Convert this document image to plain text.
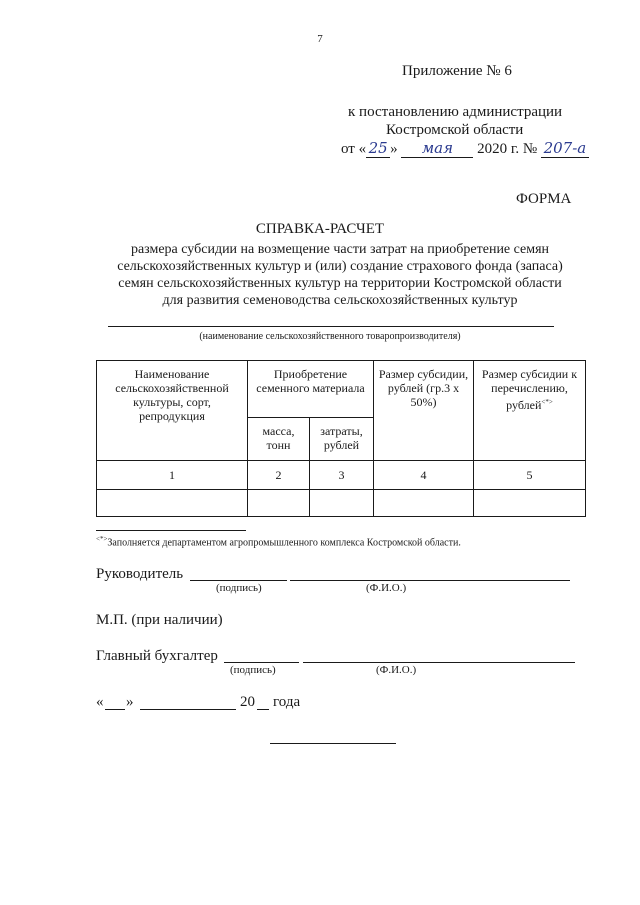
7
Приложение № 6
к постановлению администрации
Костромской области
от « 25 » мая 2020 г. № 207-а
ФОРМА
СПРАВКА-РАСЧЕТ
размера субсидии на возмещение части затрат на приобретение семян
сельскохозяйственных культур и (или) создание страхового фонда (запаса)
семян сельскохозяйственных культур на территории Костромской области
для развития семеноводства сельскохозяйственных культур
(наименование сельскохозяйственного товаропроизводителя)
Наименование сельскохозяйственной культуры, сорт, репродукция	Приобретение семенного материала		Размер субсидии, рублей (гр.3 х 50%)	Размер субсидии к перечислению, рублей<*>
	масса, тонн	затраты, рублей		
1	2	3	4	5

<*>Заполняется департаментом агропромышленного комплекса Костромской области.
Руководитель
(подпись)	(Ф.И.О.)
М.П. (при наличии)
Главный бухгалтер
(подпись)	(Ф.И.О.)
« »	20 года
